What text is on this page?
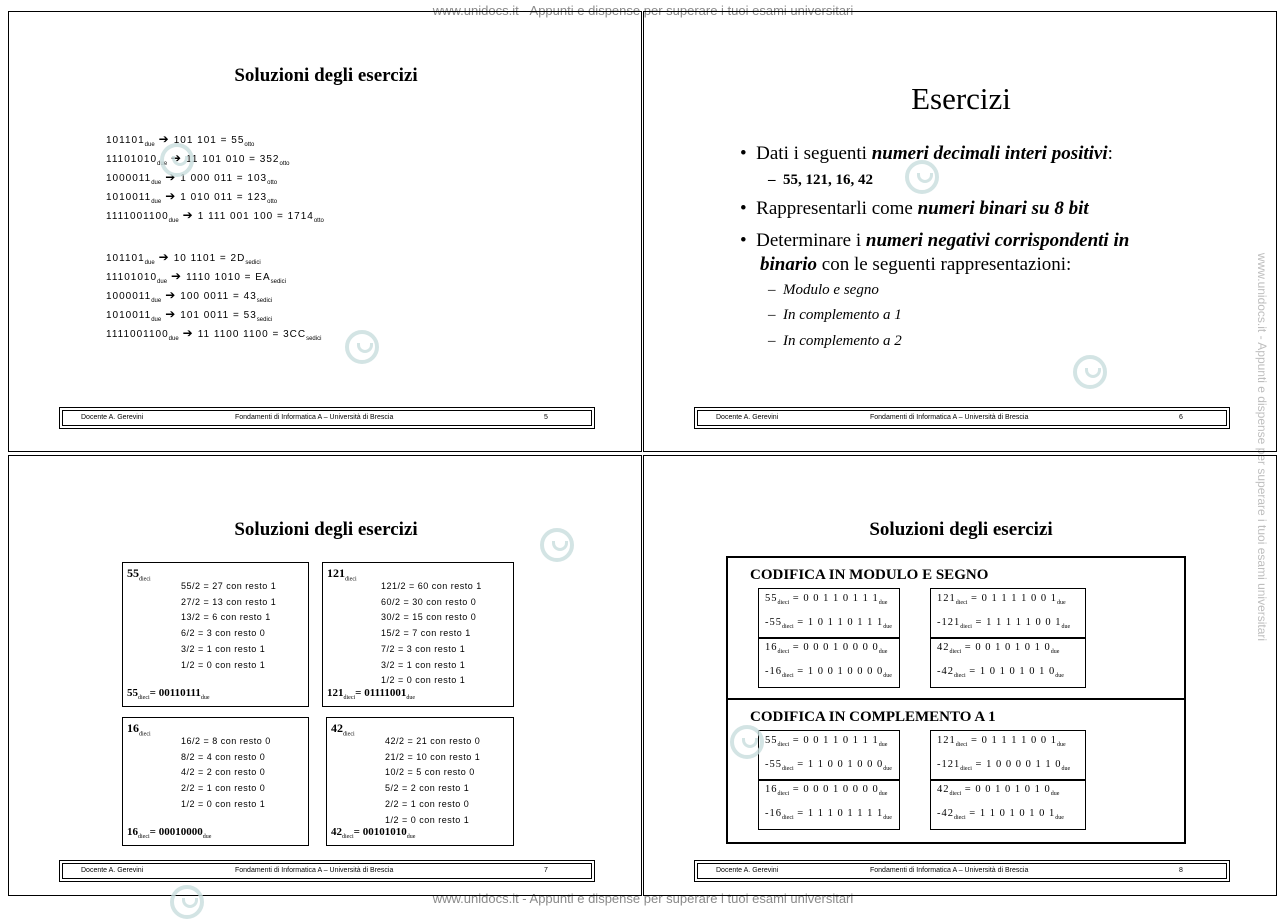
www.unidocs.it - Appunti e dispense per superare i tuoi esami universitari
www.unidocs.it - Appunti e dispense per superare i tuoi esami universitari
www.unidocs.it - Appunti e dispense per superare i tuoi esami universitari
Soluzioni degli esercizi
$101101_{due}$ ➔ 101 $101 = 55_{otto}$
$11101010_{due}$ ➔ 11 101 $010 = 352_{otto}$
$1000011_{due}$ ➔ 1 000 $011 = 103_{otto}$
$1010011_{due}$ ➔ 1 010 $011 = 123_{otto}$
$1111001100_{due}$ ➔ 1 111 001 $100 = 1714_{otto}$
$101101_{due}$ ➔ 10 $1101 = 2D_{sedici}$
$11101010_{due}$ ➔ 1110 $1010 = EA_{sedici}$
$1000011_{due}$ ➔ 100 $0011 = 43_{sedici}$
$1010011_{due}$ ➔ 101 $0011 = 53_{sedici}$
$1111001100_{due}$ ➔ 11 1100 $1100 = 3CC_{sedici}$
Docente A. Gerevini	Fondamenti di Informatica A – Università di Brescia	5
Esercizi
• Dati i seguenti numeri decimali interi positivi:
– 55, 121, 16, 42
• Rappresentarli come numeri binari su 8 bit
• Determinare i numeri negativi corrispondenti in
binario con le seguenti rappresentazioni:
– Modulo e segno
– In complemento a 1
– In complemento a 2
Docente A. Gerevini	Fondamenti di Informatica A – Università di Brescia	6
Soluzioni degli esercizi
$55_{dieci}$
55/2 = 27 con resto 1
27/2 = 13 con resto 1
13/2 = 6 con resto 1
6/2 = 3 con resto 0
3/2 = 1 con resto 1
1/2 = 0 con resto 1
$55_{dieci}= 00110111_{due}$
$121_{dieci}$
121/2 = 60 con resto 1
60/2 = 30 con resto 0
30/2 = 15 con resto 0
15/2 = 7 con resto 1
7/2 = 3 con resto 1
3/2 = 1 con resto 1
1/2 = 0 con resto 1
$121_{dieci}= 01111001_{due}$
$16_{dieci}$
16/2 = 8 con resto 0
8/2 = 4 con resto 0
4/2 = 2 con resto 0
2/2 = 1 con resto 0
1/2 = 0 con resto 1
$16_{dieci}= 00010000_{due}$
$42_{dieci}$
42/2 = 21 con resto 0
21/2 = 10 con resto 1
10/2 = 5 con resto 0
5/2 = 2 con resto 1
2/2 = 1 con resto 0
1/2 = 0 con resto 1
$42_{dieci}= 00101010_{due}$
Docente A. Gerevini	Fondamenti di Informatica A – Università di Brescia	7
Soluzioni degli esercizi
CODIFICA IN MODULO E SEGNO
CODIFICA IN COMPLEMENTO A 1
$55_{dieci} = 0$ 0 1 1 0 1 1 $1_{due}$
$-55_{dieci} = 1$ 0 1 1 0 1 1 $1_{due}$
$121_{dieci} = 0$ 1 1 1 1 0 0 $1_{due}$
$-121_{dieci} = 1$ 1 1 1 1 0 0 $1_{due}$
$16_{dieci} = 0$ 0 0 1 0 0 0 $0_{due}$
$-16_{dieci} = 1$ 0 0 1 0 0 0 $0_{due}$
$42_{dieci} = 0$ 0 1 0 1 0 1 $0_{due}$
$-42_{dieci} = 1$ 0 1 0 1 0 1 $0_{due}$
$55_{dieci} = 0$ 0 1 1 0 1 1 $1_{due}$
$-55_{dieci} = 1$ 1 0 0 1 0 0 $0_{due}$
$121_{dieci} = 0$ 1 1 1 1 0 0 $1_{due}$
$-121_{dieci} = 1$ 0 0 0 0 1 1 $0_{due}$
$16_{dieci} = 0$ 0 0 1 0 0 0 $0_{due}$
$-16_{dieci} = 1$ 1 1 0 1 1 1 $1_{due}$
$42_{dieci} = 0$ 0 1 0 1 0 1 $0_{due}$
$-42_{dieci} = 1$ 1 0 1 0 1 0 $1_{due}$
Docente A. Gerevini	Fondamenti di Informatica A – Università di Brescia	8
